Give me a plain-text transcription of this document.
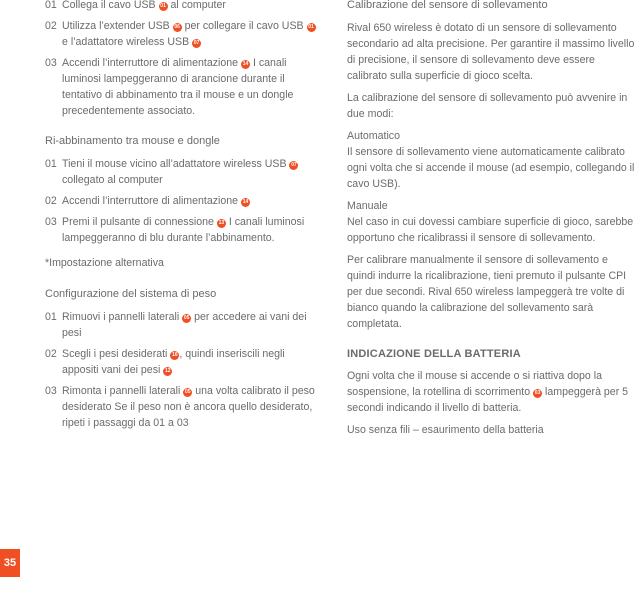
01 Collega il cavo USB 01 al computer
02 Utilizza l’extender USB 06 per collegare il cavo USB 01 e l’adattatore wireless USB 07
03 Accendi l’interruttore di alimentazione 14 I canali luminosi lampeggeranno di arancione durante il tentativo di abbinamento tra il mouse e un dongle precedentemente associato.
Ri-abbinamento tra mouse e dongle
01 Tieni il mouse vicino all’adattatore wireless USB 07 collegato al computer
02 Accendi l’interruttore di alimentazione 14
03 Premi il pulsante di connessione 13 I canali luminosi lampeggeranno di blu durante l’abbinamento.
*Impostazione alternativa
Configurazione del sistema di peso
01 Rimuovi i pannelli laterali 05 per accedere ai vani dei pesi
02 Scegli i pesi desiderati 16 , quindi inseriscili negli appositi vani dei pesi 12
03 Rimonta i pannelli laterali 05 una volta calibrato il peso desiderato Se il peso non è ancora quello desiderato, ripeti i passaggi da 01 a 03
Calibrazione del sensore di sollevamento

Rival 650 wireless è dotato di un sensore di sollevamento secondario ad alta precisione. Per garantire il massimo livello di precisione, il sensore di sollevamento deve essere calibrato sulla superficie di gioco scelta.

La calibrazione del sensore di sollevamento può avvenire in due modi:

Automatico

Il sensore di sollevamento viene automaticamente calibrato ogni volta che si accende il mouse (ad esempio, collegando il cavo USB).

Manuale

Nel caso in cui dovessi cambiare superficie di gioco, sarebbe opportuno che ricalibrassi il sensore di sollevamento.

Per calibrare manualmente il sensore di sollevamento e quindi indurre la ricalibrazione, tieni premuto il pulsante CPI per due secondi. Rival 650 wireless lampeggerà tre volte di bianco quando la calibrazione del sollevamento sarà completata.

INDICAZIONE DELLA BATTERIA

Ogni volta che il mouse si accende o si riattiva dopo la sospensione, la rotellina di scorrimento 03 lampeggerà per 5 secondi indicando il livello di batteria.

Uso senza fili – esaurimento della batteria

35
